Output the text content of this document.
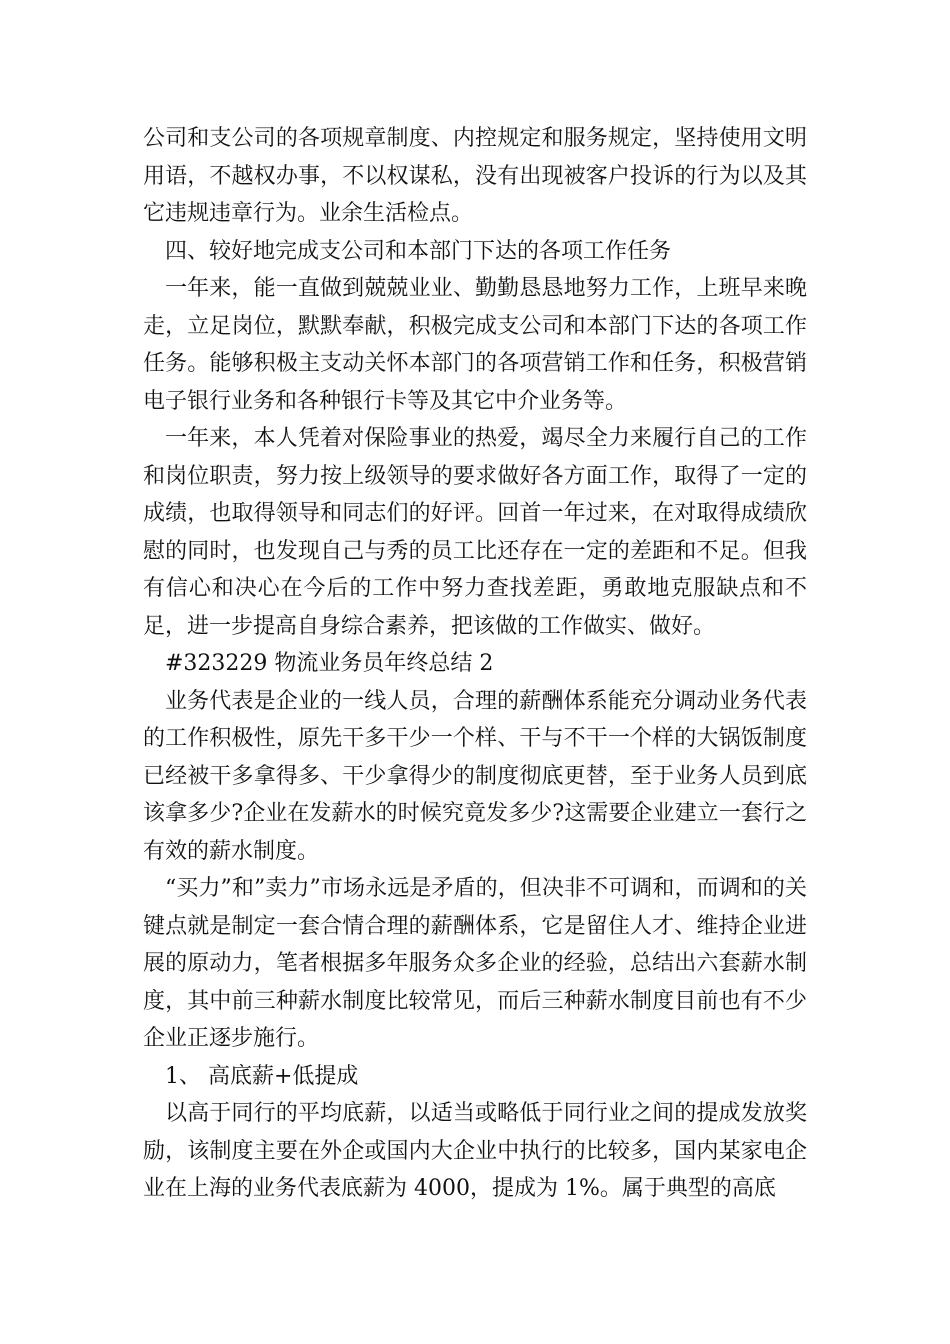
公司和支公司的各项规章制度、内控规定和服务规定，坚持使用文明用语，不越权办事，不以权谋私，没有出现被客户投诉的行为以及其它违规违章行为。业余生活检点。

四、较好地完成支公司和本部门下达的各项工作任务

一年来，能一直做到兢兢业业、勤勤恳恳地努力工作，上班早来晚走，立足岗位，默默奉献，积极完成支公司和本部门下达的各项工作任务。能够积极主支动关怀本部门的各项营销工作和任务，积极营销电子银行业务和各种银行卡等及其它中介业务等。

一年来，本人凭着对保险事业的热爱，竭尽全力来履行自己的工作和岗位职责，努力按上级领导的要求做好各方面工作，取得了一定的成绩，也取得领导和同志们的好评。回首一年过来，在对取得成绩欣慰的同时，也发现自己与秀的员工比还存在一定的差距和不足。但我有信心和决心在今后的工作中努力查找差距，勇敢地克服缺点和不足，进一步提高自身综合素养，把该做的工作做实、做好。

#323229 物流业务员年终总结 2

业务代表是企业的一线人员，合理的薪酬体系能充分调动业务代表的工作积极性，原先干多干少一个样、干与不干一个样的大锅饭制度已经被干多拿得多、干少拿得少的制度彻底更替，至于业务人员到底该拿多少?企业在发薪水的时候究竟发多少?这需要企业建立一套行之有效的薪水制度。

“买力”和”卖力”市场永远是矛盾的，但决非不可调和，而调和的关键点就是制定一套合情合理的薪酬体系，它是留住人才、维持企业进展的原动力，笔者根据多年服务众多企业的经验，总结出六套薪水制度，其中前三种薪水制度比较常见，而后三种薪水制度目前也有不少企业正逐步施行。

1、 高底薪+低提成

以高于同行的平均底薪，以适当或略低于同行业之间的提成发放奖励，该制度主要在外企或国内大企业中执行的比较多，国内某家电企业在上海的业务代表底薪为 4000，提成为 1%。属于典型的高底
